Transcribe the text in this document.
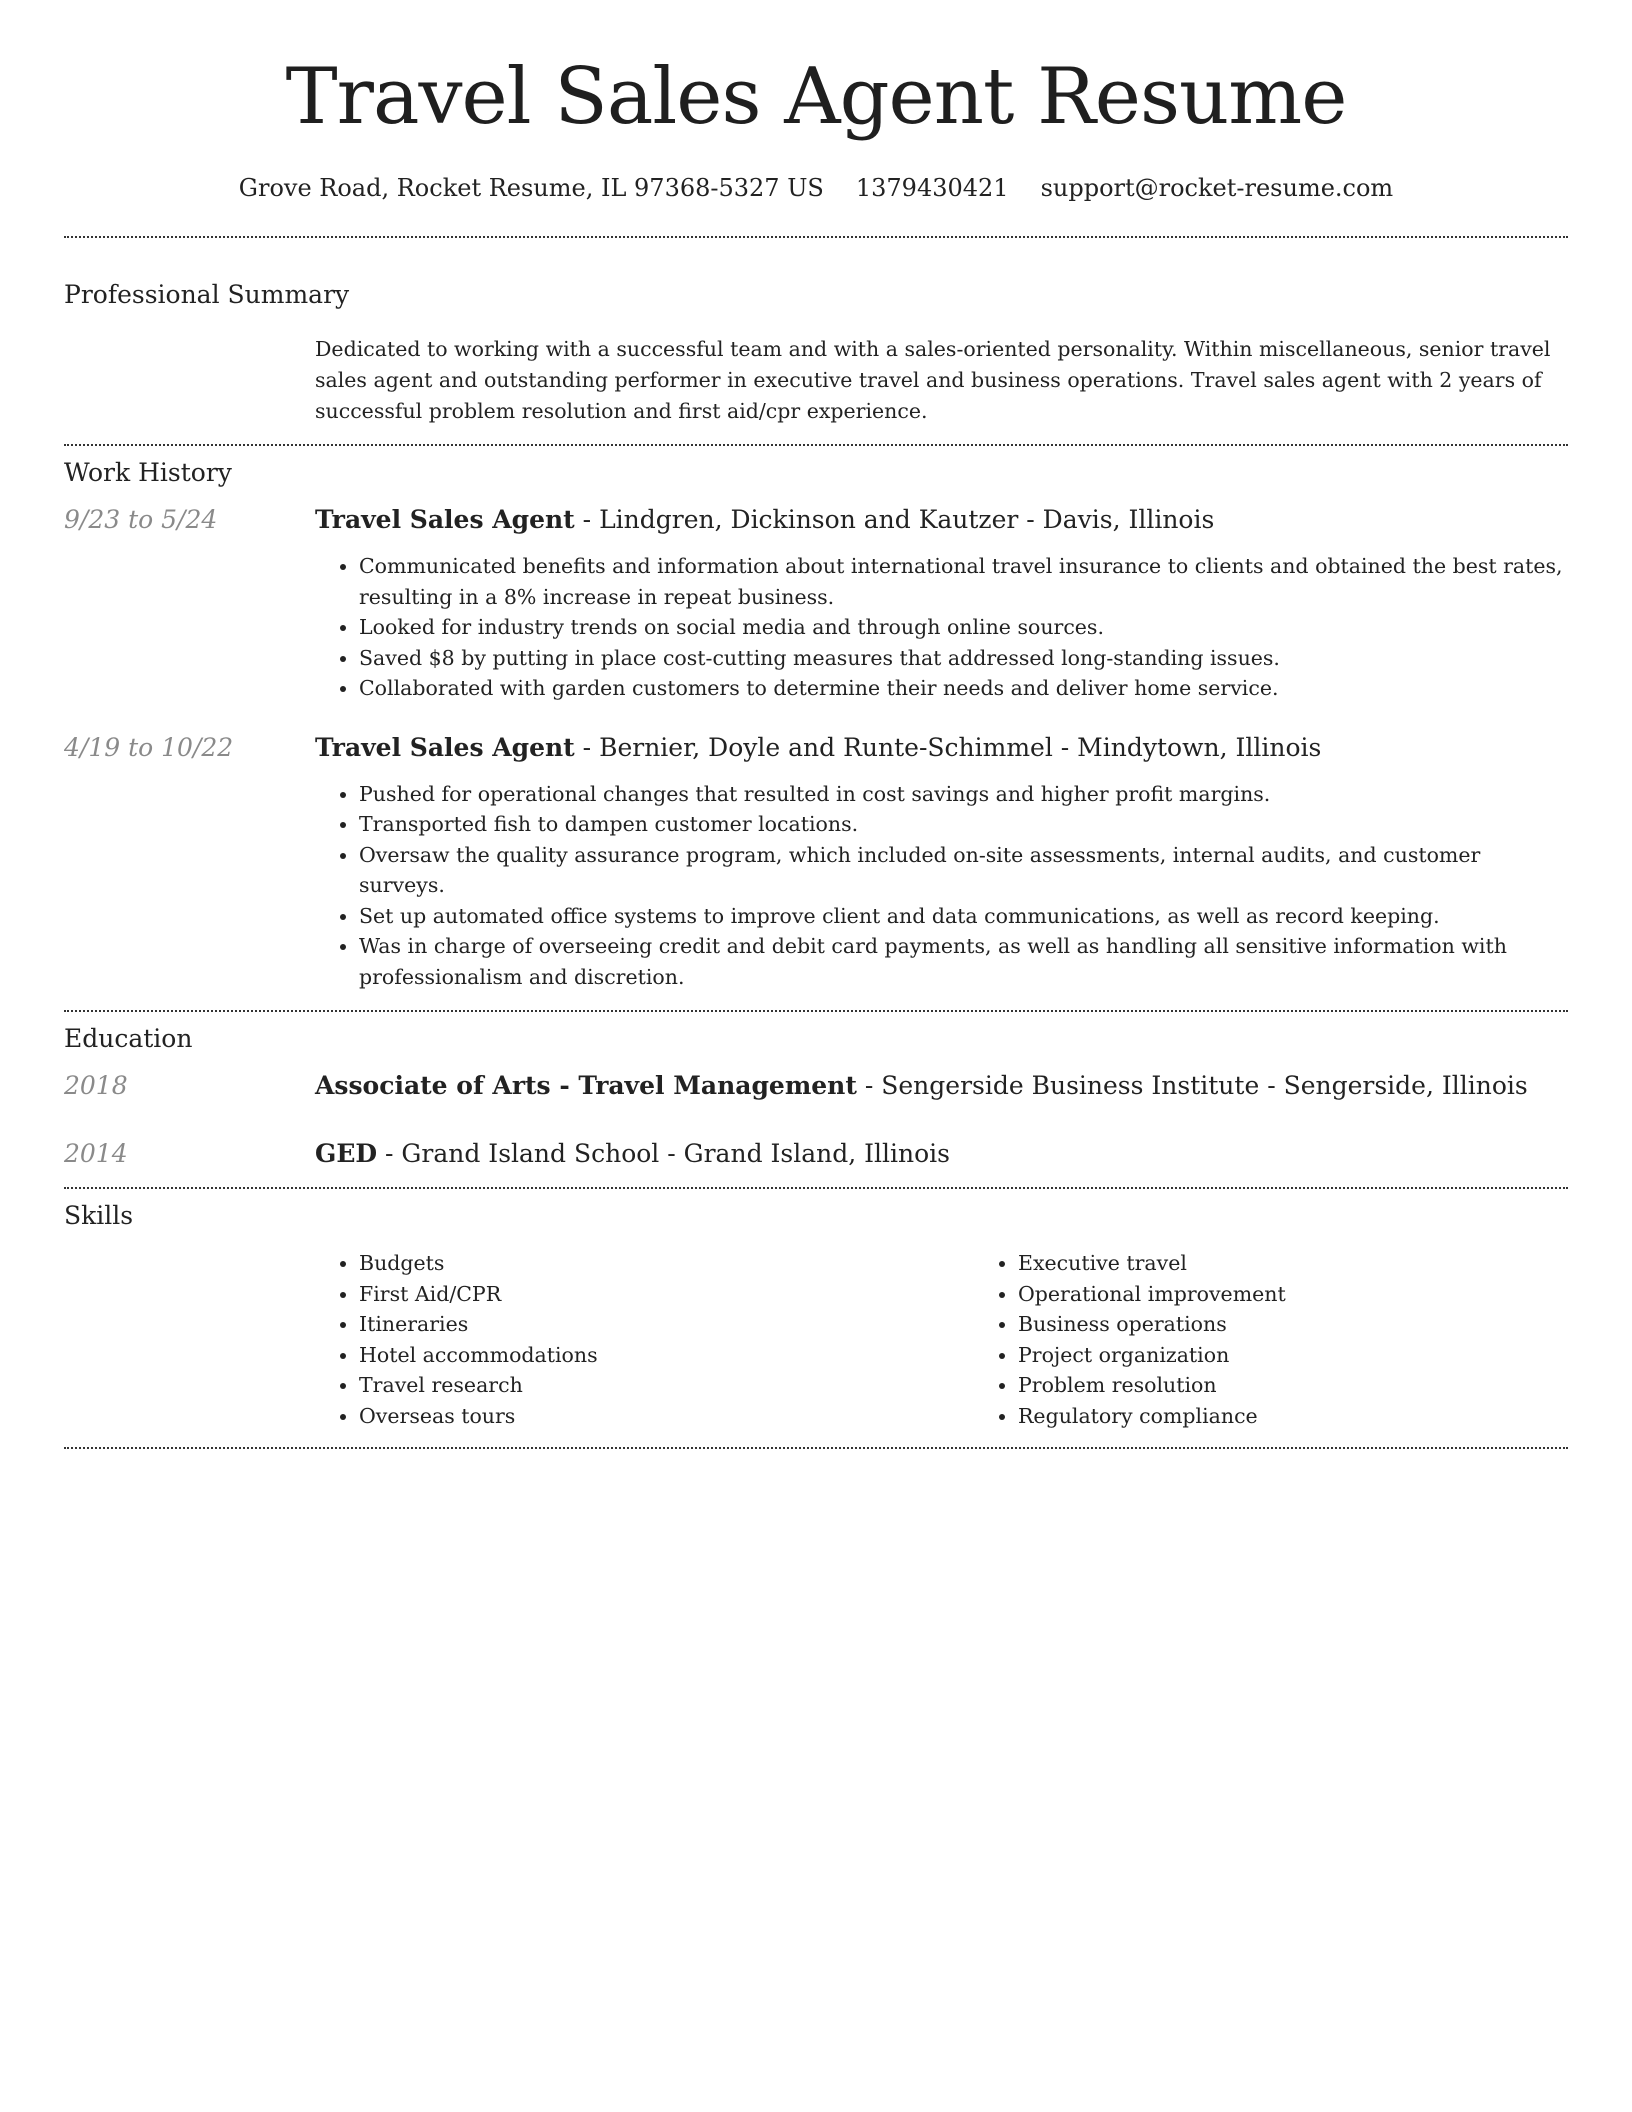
Travel Sales Agent Resume
Grove Road, Rocket Resume, IL 97368-5327 US 1379430421 support@rocket-resume.com
Professional Summary

Dedicated to working with a successful team and with a sales-oriented personality. Within miscellaneous, senior travel sales agent and outstanding performer in executive travel and business operations. Travel sales agent with 2 years of successful problem resolution and first aid/cpr experience.

Work History
9/23 to 5/24	Travel Sales Agent - Lindgren, Dickinson and Kautzer - Davis, Illinois

• Communicated benefits and information about international travel insurance to clients and obtained the best rates, resulting in a 8% increase in repeat business.
• Looked for industry trends on social media and through online sources.
• Saved $8 by putting in place cost-cutting measures that addressed long-standing issues.
• Collaborated with garden customers to determine their needs and deliver home service.
4/19 to 10/22	Travel Sales Agent - Bernier, Doyle and Runte-Schimmel - Mindytown, Illinois

• Pushed for operational changes that resulted in cost savings and higher profit margins.
• Transported fish to dampen customer locations.
• Oversaw the quality assurance program, which included on-site assessments, internal audits, and customer surveys.
• Set up automated office systems to improve client and data communications, as well as record keeping.
• Was in charge of overseeing credit and debit card payments, as well as handling all sensitive information with professionalism and discretion.
Education
2018	Associate of Arts - Travel Management - Sengerside Business Institute - Sengerside, Illinois

2014	GED - Grand Island School - Grand Island, Illinois

Skills
• Budgets
• First Aid/CPR
• Itineraries
• Hotel accommodations
• Travel research
• Overseas tours
• Executive travel
• Operational improvement
• Business operations
• Project organization
• Problem resolution
• Regulatory compliance
